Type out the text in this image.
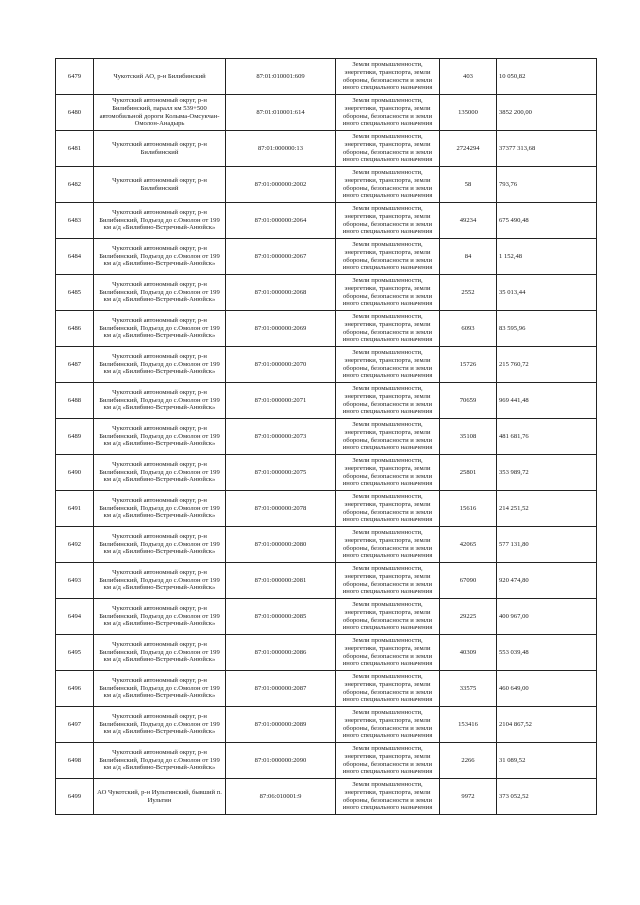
6479	Чукотский АО, р-н Билибинский	87:01:010001:609	Земли промышленности, энергетики, транспорта, земли обороны, безопасности и земли иного специального назначения	403	10 050,82
6480	Чукотский автономный округ, р-н Билибинский, паралл км 539+500 автомобильной дороги Колыма-Омсукчан-Омолон-Анадырь	87:01:010001:614	Земли промышленности, энергетики, транспорта, земли обороны, безопасности и земли иного специального назначения	135000	3852 200,00
6481	Чукотский автономный округ, р-н Билибинский	87:01:000000:13	Земли промышленности, энергетики, транспорта, земли обороны, безопасности и земли иного специального назначения	2724294	37377 313,68
6482	Чукотский автономный округ, р-н Билибинский	87:01:000000:2002	Земли промышленности, энергетики, транспорта, земли обороны, безопасности и земли иного специального назначения	58	793,76
6483	Чукотский автономный округ, р-н Билибинский, Подъезд до с.Омолон от 199 км а/д «Билибино-Встречный-Анюйск»	87:01:000000:2064	Земли промышленности, энергетики, транспорта, земли обороны, безопасности и земли иного специального назначения	49234	675 490,48
6484	Чукотский автономный округ, р-н Билибинский, Подъезд до с.Омолон от 199 км а/д «Билибино-Встречный-Анюйск»	87:01:000000:2067	Земли промышленности, энергетики, транспорта, земли обороны, безопасности и земли иного специального назначения	84	1 152,48
6485	Чукотский автономный округ, р-н Билибинский, Подъезд до с.Омолон от 199 км а/д «Билибино-Встречный-Анюйск»	87:01:000000:2068	Земли промышленности, энергетики, транспорта, земли обороны, безопасности и земли иного специального назначения	2552	35 013,44
6486	Чукотский автономный округ, р-н Билибинский, Подъезд до с.Омолон от 199 км а/д «Билибино-Встречный-Анюйск»	87:01:000000:2069	Земли промышленности, энергетики, транспорта, земли обороны, безопасности и земли иного специального назначения	6093	83 595,96
6487	Чукотский автономный округ, р-н Билибинский, Подъезд до с.Омолон от 199 км а/д «Билибино-Встречный-Анюйск»	87:01:000000:2070	Земли промышленности, энергетики, транспорта, земли обороны, безопасности и земли иного специального назначения	15726	215 760,72
6488	Чукотский автономный округ, р-н Билибинский, Подъезд до с.Омолон от 199 км а/д «Билибино-Встречный-Анюйск»	87:01:000000:2071	Земли промышленности, энергетики, транспорта, земли обороны, безопасности и земли иного специального назначения	70659	969 441,48
6489	Чукотский автономный округ, р-н Билибинский, Подъезд до с.Омолон от 199 км а/д «Билибино-Встречный-Анюйск»	87:01:000000:2073	Земли промышленности, энергетики, транспорта, земли обороны, безопасности и земли иного специального назначения	35108	481 681,76
6490	Чукотский автономный округ, р-н Билибинский, Подъезд до с.Омолон от 199 км а/д «Билибино-Встречный-Анюйск»	87:01:000000:2075	Земли промышленности, энергетики, транспорта, земли обороны, безопасности и земли иного специального назначения	25801	353 989,72
6491	Чукотский автономный округ, р-н Билибинский, Подъезд до с.Омолон от 199 км а/д «Билибино-Встречный-Анюйск»	87:01:000000:2078	Земли промышленности, энергетики, транспорта, земли обороны, безопасности и земли иного специального назначения	15616	214 251,52
6492	Чукотский автономный округ, р-н Билибинский, Подъезд до с.Омолон от 199 км а/д «Билибино-Встречный-Анюйск»	87:01:000000:2080	Земли промышленности, энергетики, транспорта, земли обороны, безопасности и земли иного специального назначения	42065	577 131,80
6493	Чукотский автономный округ, р-н Билибинский, Подъезд до с.Омолон от 199 км а/д «Билибино-Встречный-Анюйск»	87:01:000000:2081	Земли промышленности, энергетики, транспорта, земли обороны, безопасности и земли иного специального назначения	67090	920 474,80
6494	Чукотский автономный округ, р-н Билибинский, Подъезд до с.Омолон от 199 км а/д «Билибино-Встречный-Анюйск»	87:01:000000:2085	Земли промышленности, энергетики, транспорта, земли обороны, безопасности и земли иного специального назначения	29225	400 967,00
6495	Чукотский автономный округ, р-н Билибинский, Подъезд до с.Омолон от 199 км а/д «Билибино-Встречный-Анюйск»	87:01:000000:2086	Земли промышленности, энергетики, транспорта, земли обороны, безопасности и земли иного специального назначения	40309	553 039,48
6496	Чукотский автономный округ, р-н Билибинский, Подъезд до с.Омолон от 199 км а/д «Билибино-Встречный-Анюйск»	87:01:000000:2087	Земли промышленности, энергетики, транспорта, земли обороны, безопасности и земли иного специального назначения	33575	460 649,00
6497	Чукотский автономный округ, р-н Билибинский, Подъезд до с.Омолон от 199 км а/д «Билибино-Встречный-Анюйск»	87:01:000000:2089	Земли промышленности, энергетики, транспорта, земли обороны, безопасности и земли иного специального назначения	153416	2104 867,52
6498	Чукотский автономный округ, р-н Билибинский, Подъезд до с.Омолон от 199 км а/д «Билибино-Встречный-Анюйск»	87:01:000000:2090	Земли промышленности, энергетики, транспорта, земли обороны, безопасности и земли иного специального назначения	2266	31 089,52
6499	АО Чукотский, р-н Иультинский, бывший п. Иультин	87:06:010001:9	Земли промышленности, энергетики, транспорта, земли обороны, безопасности и земли иного специального назначения	9972	373 052,52
